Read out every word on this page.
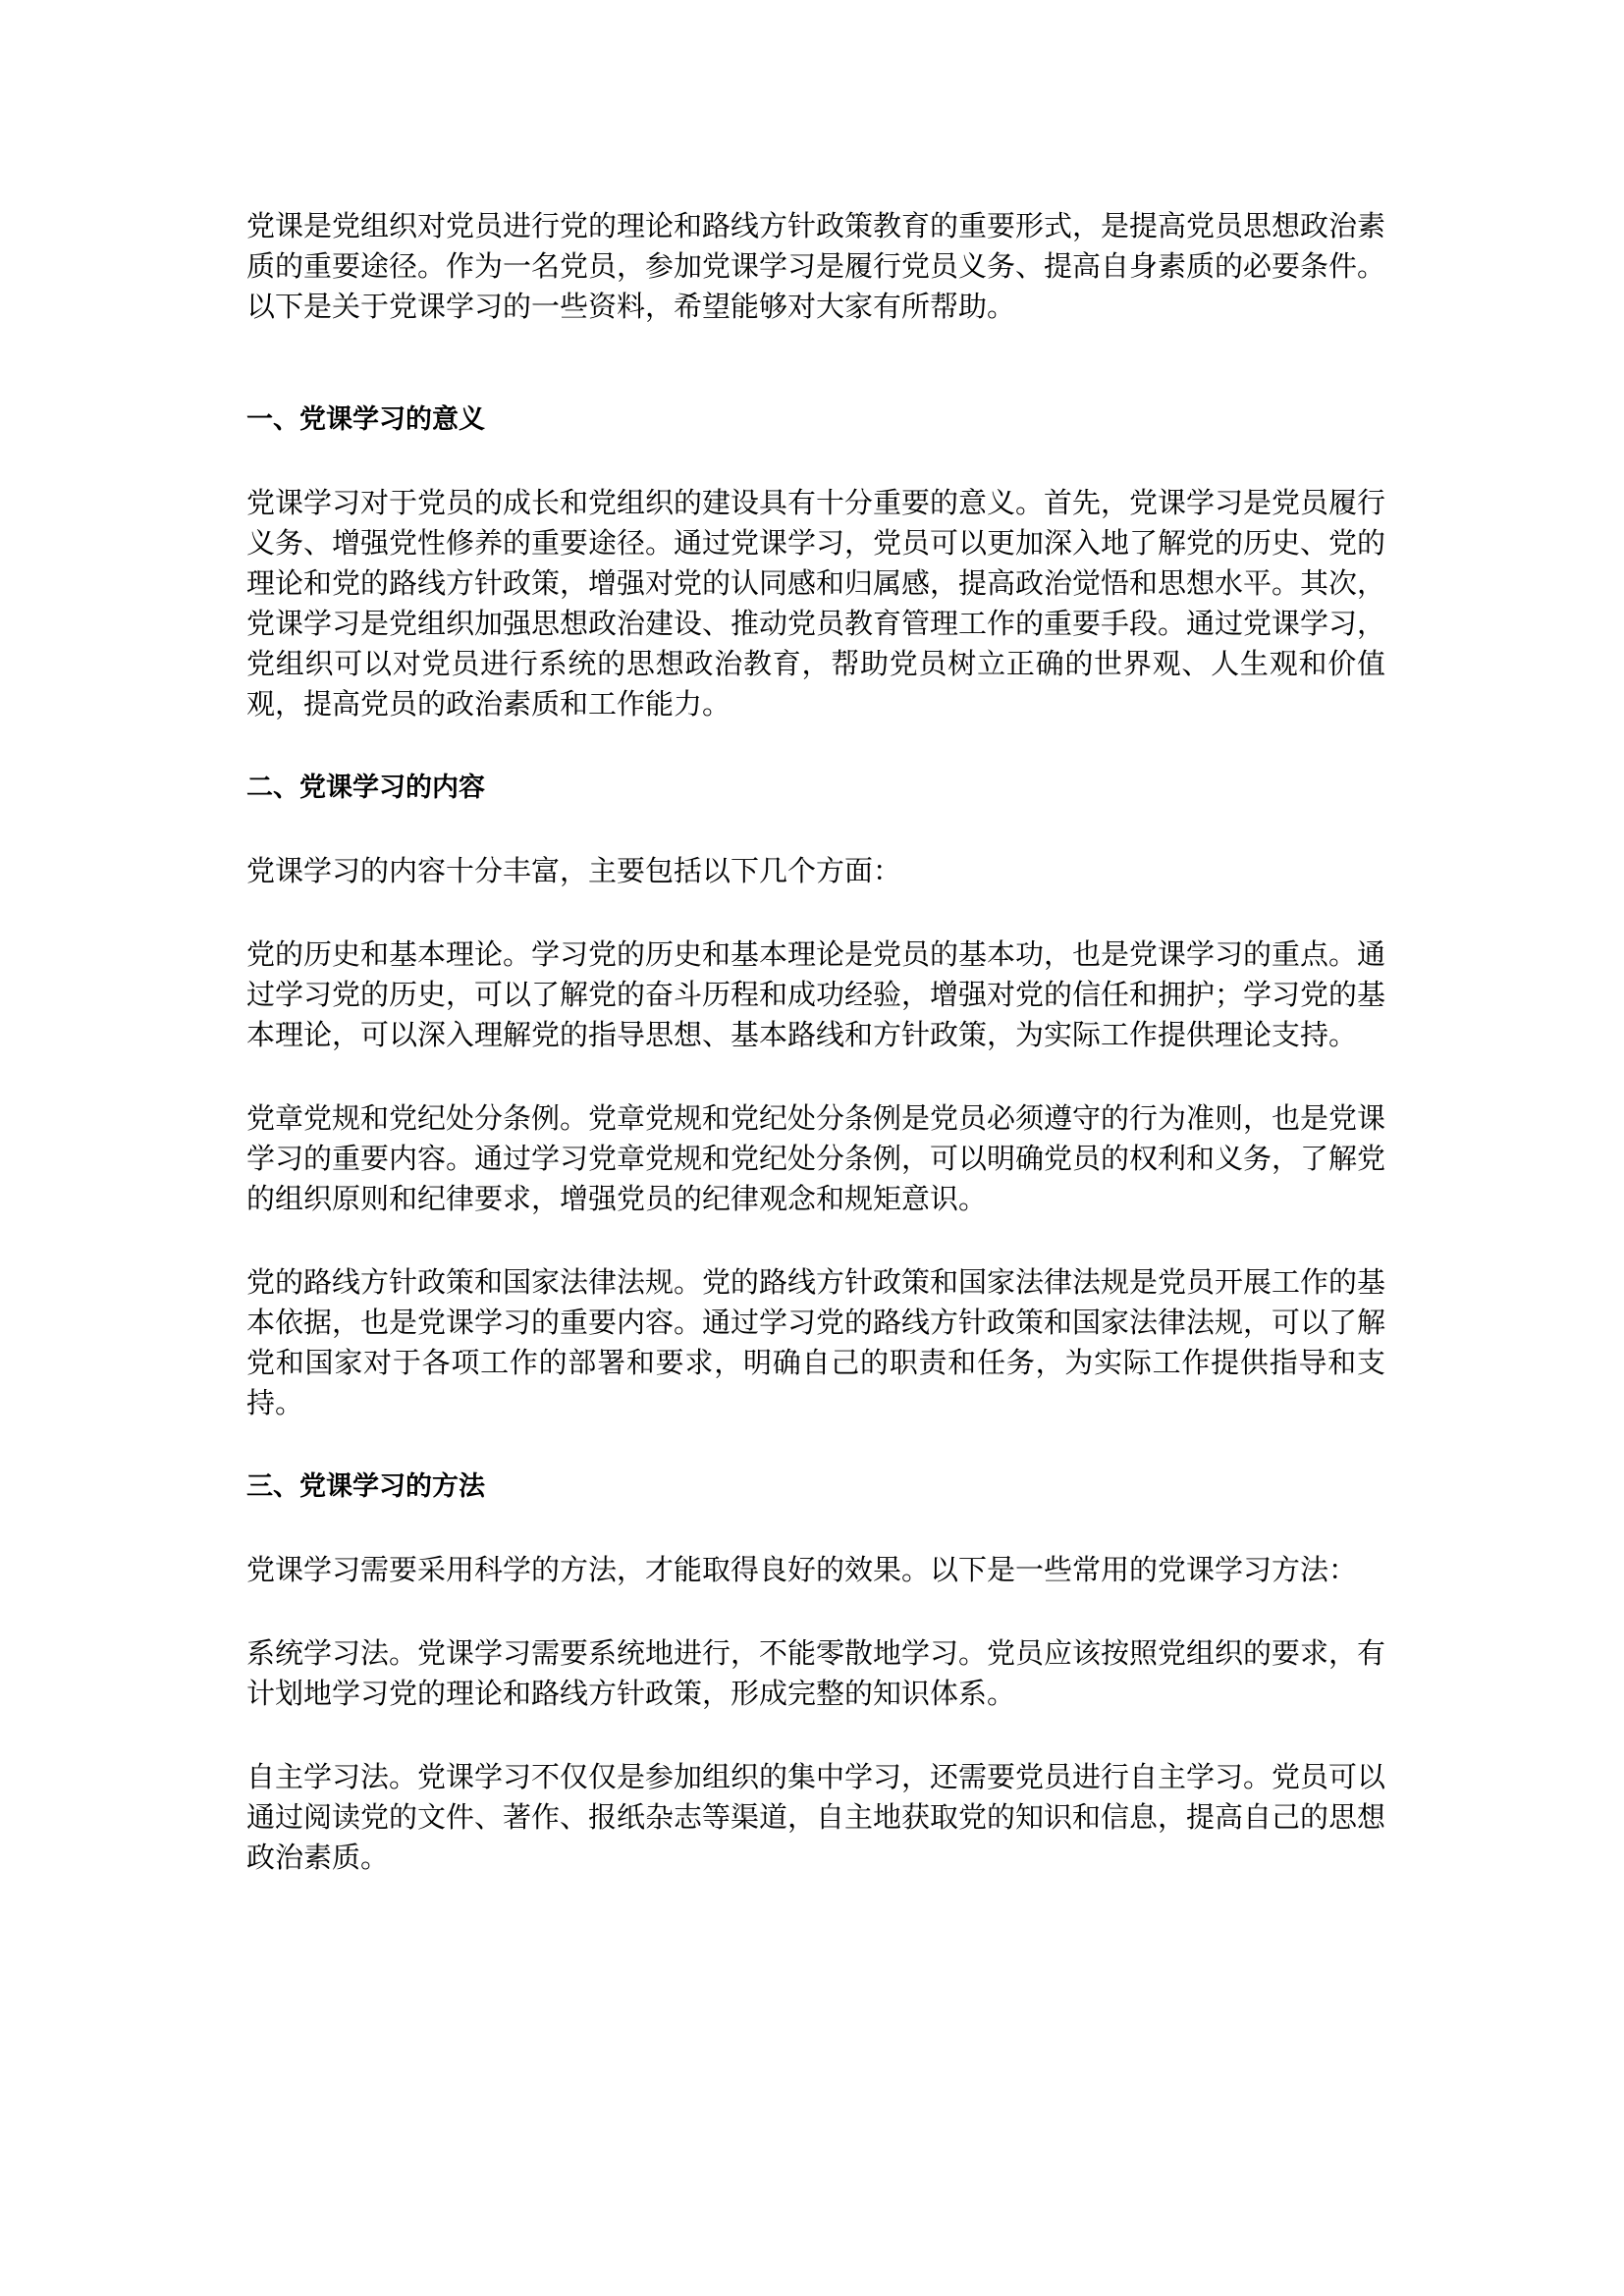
党课是党组织对党员进行党的理论和路线方针政策教育的重要形式，是提高党员思想政治素质的重要途径。作为一名党员，参加党课学习是履行党员义务、提高自身素质的必要条件。以下是关于党课学习的一些资料，希望能够对大家有所帮助。

一、党课学习的意义

党课学习对于党员的成长和党组织的建设具有十分重要的意义。首先，党课学习是党员履行义务、增强党性修养的重要途径。通过党课学习，党员可以更加深入地了解党的历史、党的理论和党的路线方针政策，增强对党的认同感和归属感，提高政治觉悟和思想水平。其次，党课学习是党组织加强思想政治建设、推动党员教育管理工作的重要手段。通过党课学习，党组织可以对党员进行系统的思想政治教育，帮助党员树立正确的世界观、人生观和价值观，提高党员的政治素质和工作能力。

二、党课学习的内容

党课学习的内容十分丰富，主要包括以下几个方面：

党的历史和基本理论。学习党的历史和基本理论是党员的基本功，也是党课学习的重点。通过学习党的历史，可以了解党的奋斗历程和成功经验，增强对党的信任和拥护；学习党的基本理论，可以深入理解党的指导思想、基本路线和方针政策，为实际工作提供理论支持。

党章党规和党纪处分条例。党章党规和党纪处分条例是党员必须遵守的行为准则，也是党课学习的重要内容。通过学习党章党规和党纪处分条例，可以明确党员的权利和义务，了解党的组织原则和纪律要求，增强党员的纪律观念和规矩意识。

党的路线方针政策和国家法律法规。党的路线方针政策和国家法律法规是党员开展工作的基本依据，也是党课学习的重要内容。通过学习党的路线方针政策和国家法律法规，可以了解党和国家对于各项工作的部署和要求，明确自己的职责和任务，为实际工作提供指导和支持。

三、党课学习的方法

党课学习需要采用科学的方法，才能取得良好的效果。以下是一些常用的党课学习方法：

系统学习法。党课学习需要系统地进行，不能零散地学习。党员应该按照党组织的要求，有计划地学习党的理论和路线方针政策，形成完整的知识体系。

自主学习法。党课学习不仅仅是参加组织的集中学习，还需要党员进行自主学习。党员可以通过阅读党的文件、著作、报纸杂志等渠道，自主地获取党的知识和信息，提高自己的思想政治素质。
